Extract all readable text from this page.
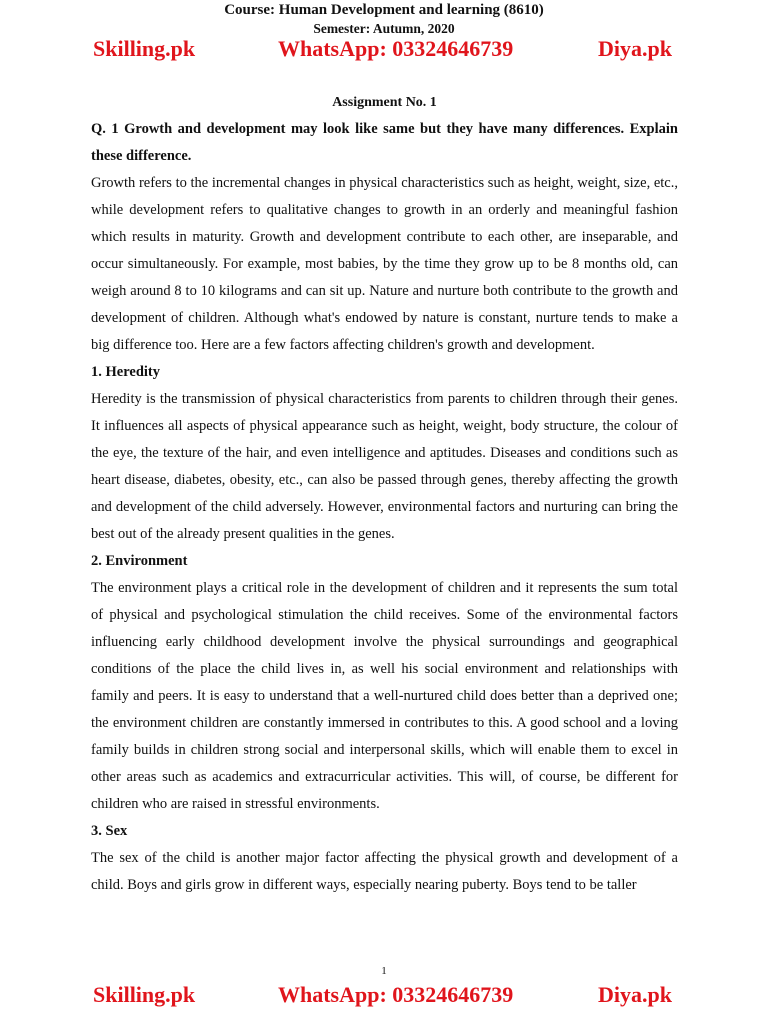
Course: Human Development and learning (8610)
Semester: Autumn, 2020
Skilling.pk	WhatsApp: 03324646739	Diya.pk
Assignment No. 1
Q. 1 Growth and development may look like same but they have many differences. Explain these difference.

Growth refers to the incremental changes in physical characteristics such as height, weight, size, etc., while development refers to qualitative changes to growth in an orderly and meaningful fashion which results in maturity. Growth and development contribute to each other, are inseparable, and occur simultaneously. For example, most babies, by the time they grow up to be 8 months old, can weigh around 8 to 10 kilograms and can sit up. Nature and nurture both contribute to the growth and development of children. Although what's endowed by nature is constant, nurture tends to make a big difference too. Here are a few factors affecting children's growth and development.

1. Heredity

Heredity is the transmission of physical characteristics from parents to children through their genes. It influences all aspects of physical appearance such as height, weight, body structure, the colour of the eye, the texture of the hair, and even intelligence and aptitudes. Diseases and conditions such as heart disease, diabetes, obesity, etc., can also be passed through genes, thereby affecting the growth and development of the child adversely. However, environmental factors and nurturing can bring the best out of the already present qualities in the genes.

2. Environment

The environment plays a critical role in the development of children and it represents the sum total of physical and psychological stimulation the child receives. Some of the environmental factors influencing early childhood development involve the physical surroundings and geographical conditions of the place the child lives in, as well his social environment and relationships with family and peers. It is easy to understand that a well-nurtured child does better than a deprived one; the environment children are constantly immersed in contributes to this. A good school and a loving family builds in children strong social and interpersonal skills, which will enable them to excel in other areas such as academics and extracurricular activities. This will, of course, be different for children who are raised in stressful environments.

3. Sex

The sex of the child is another major factor affecting the physical growth and development of a child. Boys and girls grow in different ways, especially nearing puberty. Boys tend to be taller

1
Skilling.pk	WhatsApp: 03324646739	Diya.pk
